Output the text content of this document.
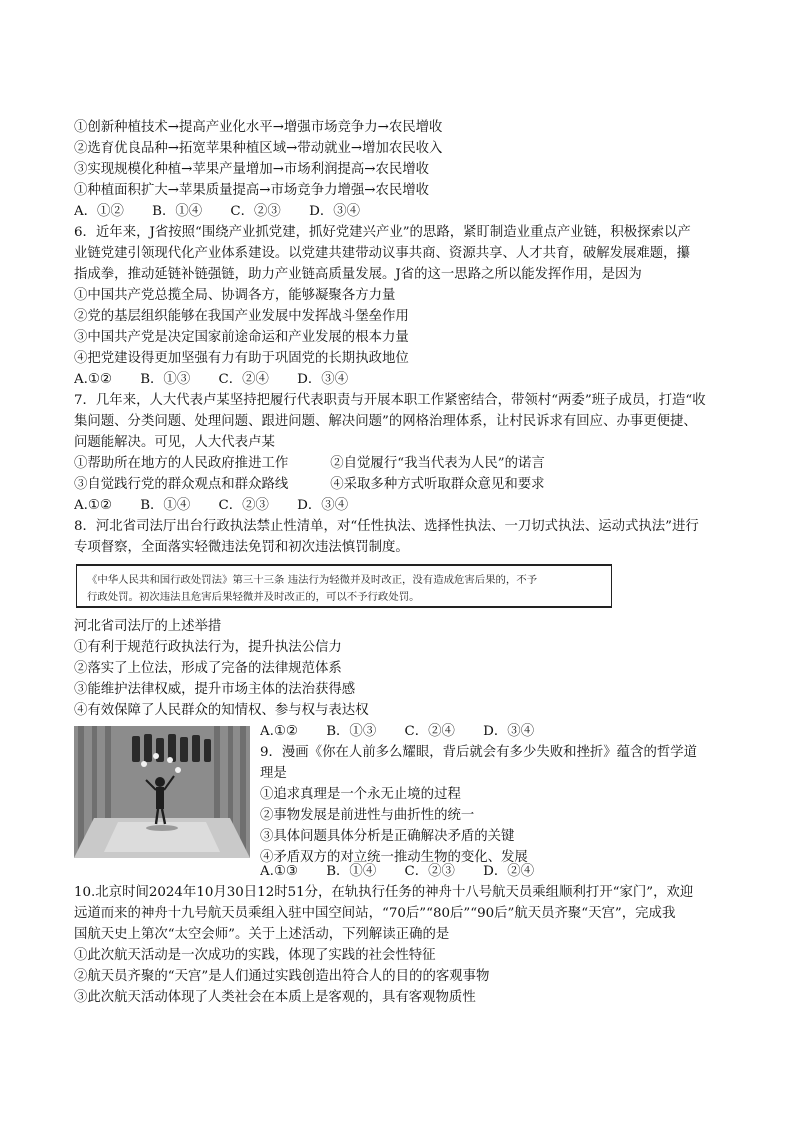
①创新种植技术→提高产业化水平→增强市场竞争力→农民增收
②选育优良品种→拓宽苹果种植区域→带动就业→增加农民收入
③实现规模化种植→苹果产量增加→市场利润提高→农民增收
①种植面积扩大→苹果质量提高→市场竞争力增强→农民增收
A．①② B．①④ C．②③ D．③④
6．近年来，J省按照“围绕产业抓党建，抓好党建兴产业”的思路，紧盯制造业重点产业链，积极探索以产
业链党建引领现代化产业体系建设。以党建共建带动议事共商、资源共享、人才共育，破解发展难题，攥
指成拳，推动延链补链强链，助力产业链高质量发展。J省的这一思路之所以能发挥作用，是因为
①中国共产党总揽全局、协调各方，能够凝聚各方力量
②党的基层组织能够在我国产业发展中发挥战斗堡垒作用
③中国共产党是决定国家前途命运和产业发展的根本力量
④把党建设得更加坚强有力有助于巩固党的长期执政地位
A.①② B．①③ C．②④ D．③④
7．几年来，人大代表卢某坚持把履行代表职责与开展本职工作紧密结合，带领村“两委”班子成员，打造“收
集问题、分类问题、处理问题、跟进问题、解决问题”的网格治理体系，让村民诉求有回应、办事更便捷、
问题能解决。可见，人大代表卢某
①帮助所在地方的人民政府推进工作	②自觉履行“我当代表为人民”的诺言
③自觉践行党的群众观点和群众路线	④采取多种方式听取群众意见和要求
A.①② B．①④ C．②③ D．③④
8．河北省司法厅出台行政执法禁止性清单，对“任性执法、选择性执法、一刀切式执法、运动式执法”进行
专项督察，全面落实轻微违法免罚和初次违法慎罚制度。
《中华人民共和国行政处罚法》第三十三条 违法行为轻微并及时改正，没有造成危害后果的，不予
行政处罚。初次违法且危害后果轻微并及时改正的，可以不予行政处罚。
河北省司法厅的上述举措
①有利于规范行政执法行为，提升执法公信力
②落实了上位法，形成了完备的法律规范体系
③能维护法律权威，提升市场主体的法治获得感
④有效保障了人民群众的知情权、参与权与表达权
A.①② B．①③ C．②④ D．③④
9．漫画《你在人前多么耀眼，背后就会有多少失败和挫折》蕴含的哲学道
理是
①追求真理是一个永无止境的过程
②事物发展是前进性与曲折性的统一
③具体问题具体分析是正确解决矛盾的关键
④矛盾双方的对立统一推动生物的变化、发展
A.①③ B．①④ C．②③ D．②④
10.北京时间2024年10月30日12时51分，在轨执行任务的神舟十八号航天员乘组顺利打开“家门”，欢迎
远道而来的神舟十九号航天员乘组入驻中国空间站，“70后”“80后”“90后”航天员齐聚“天宫”，完成我
国航天史上第次“太空会师”。关于上述活动，下列解读正确的是
①此次航天活动是一次成功的实践，体现了实践的社会性特征
②航天员齐聚的“天宫”是人们通过实践创造出符合人的目的的客观事物
③此次航天活动体现了人类社会在本质上是客观的，具有客观物质性
